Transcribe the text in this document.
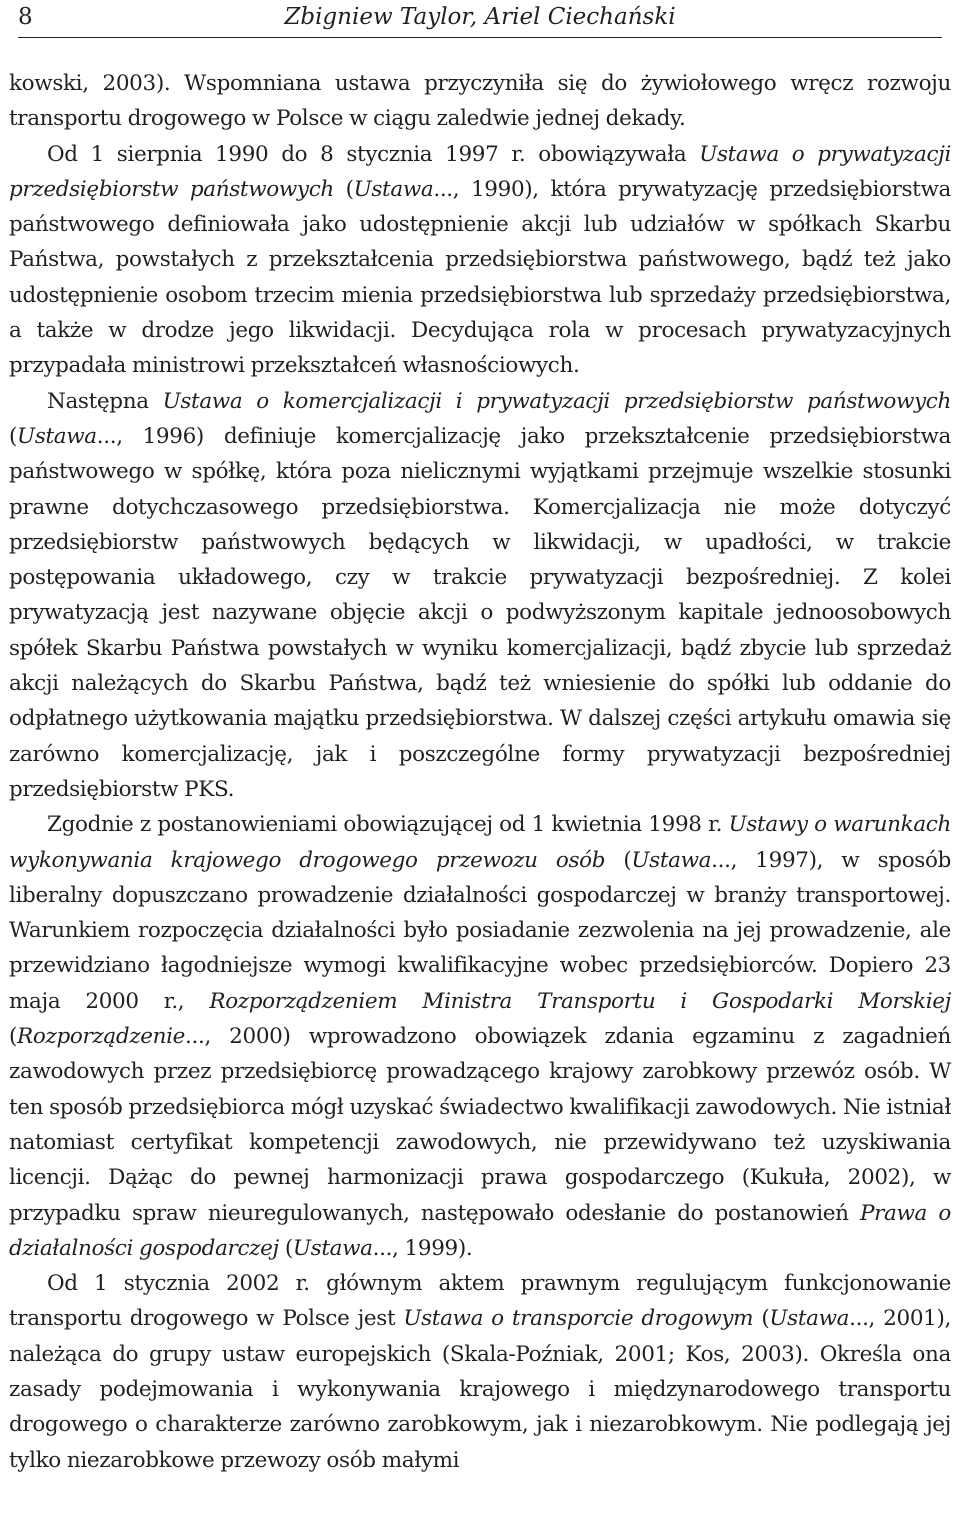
8	Zbigniew Taylor, Ariel Ciechański

kowski, 2003). Wspomniana ustawa przyczyniła się do żywiołowego wręcz rozwoju transportu drogowego w Polsce w ciągu zaledwie jednej dekady.

Od 1 sierpnia 1990 do 8 stycznia 1997 r. obowiązywała Ustawa o prywatyzacji przedsiębiorstw państwowych (Ustawa..., 1990), która prywatyzację przedsiębiorstwa państwowego definiowała jako udostępnienie akcji lub udziałów w spółkach Skarbu Państwa, powstałych z przekształcenia przedsiębiorstwa państwowego, bądź też jako udostępnienie osobom trzecim mienia przedsiębiorstwa lub sprzedaży przedsiębiorstwa, a także w drodze jego likwidacji. Decydująca rola w procesach prywatyzacyjnych przypadała ministrowi przekształceń własnościowych.

Następna Ustawa o komercjalizacji i prywatyzacji przedsiębiorstw państwowych (Ustawa..., 1996) definiuje komercjalizację jako przekształcenie przedsiębiorstwa państwowego w spółkę, która poza nielicznymi wyjątkami przejmuje wszelkie stosunki prawne dotychczasowego przedsiębiorstwa. Komercjalizacja nie może dotyczyć przedsiębiorstw państwowych będących w likwidacji, w upadłości, w trakcie postępowania układowego, czy w trakcie prywatyzacji bezpośredniej. Z kolei prywatyzacją jest nazywane objęcie akcji o podwyższonym kapitale jednoosobowych spółek Skarbu Państwa powstałych w wyniku komercjalizacji, bądź zbycie lub sprzedaż akcji należących do Skarbu Państwa, bądź też wniesienie do spółki lub oddanie do odpłatnego użytkowania majątku przedsiębiorstwa. W dalszej części artykułu omawia się zarówno komercjalizację, jak i poszczególne formy prywatyzacji bezpośredniej przedsiębiorstw PKS.

Zgodnie z postanowieniami obowiązującej od 1 kwietnia 1998 r. Ustawy o warunkach wykonywania krajowego drogowego przewozu osób (Ustawa..., 1997), w sposób liberalny dopuszczano prowadzenie działalności gospodarczej w branży transportowej. Warunkiem rozpoczęcia działalności było posiadanie zezwolenia na jej prowadzenie, ale przewidziano łagodniejsze wymogi kwalifikacyjne wobec przedsiębiorców. Dopiero 23 maja 2000 r., Rozporządzeniem Ministra Transportu i Gospodarki Morskiej (Rozporządzenie..., 2000) wprowadzono obowiązek zdania egzaminu z zagadnień zawodowych przez przedsiębiorcę prowadzącego krajowy zarobkowy przewóz osób. W ten sposób przedsiębiorca mógł uzyskać świadectwo kwalifikacji zawodowych. Nie istniał natomiast certyfikat kompetencji zawodowych, nie przewidywano też uzyskiwania licencji. Dążąc do pewnej harmonizacji prawa gospodarczego (Kukuła, 2002), w przypadku spraw nieuregulowanych, następowało odesłanie do postanowień Prawa o działalności gospodarczej (Ustawa..., 1999).

Od 1 stycznia 2002 r. głównym aktem prawnym regulującym funkcjonowanie transportu drogowego w Polsce jest Ustawa o transporcie drogowym (Ustawa..., 2001), należąca do grupy ustaw europejskich (Skala-Poźniak, 2001; Kos, 2003). Określa ona zasady podejmowania i wykonywania krajowego i międzynarodowego transportu drogowego o charakterze zarówno zarobkowym, jak i niezarobkowym. Nie podlegają jej tylko niezarobkowe przewozy osób małymi
